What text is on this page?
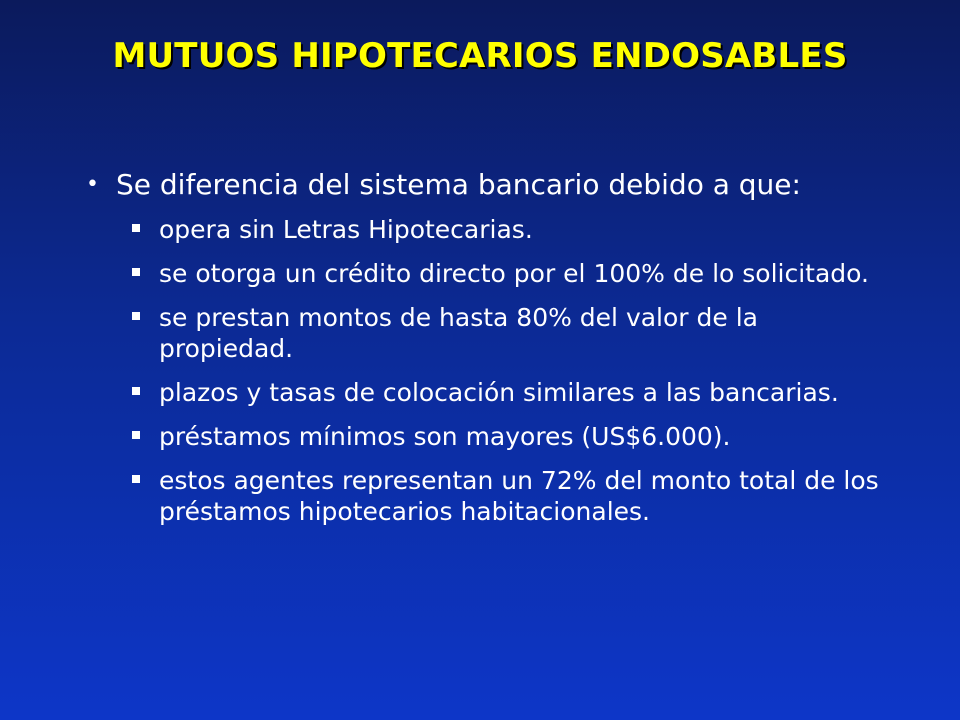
MUTUOS HIPOTECARIOS ENDOSABLES
• Se diferencia del sistema bancario debido a que:
opera sin Letras Hipotecarias.
se otorga un crédito directo por el 100% de lo solicitado.
se prestan montos de hasta 80% del valor de la propiedad.
plazos y tasas de colocación similares a las bancarias.
préstamos mínimos son mayores (US$6.000).
estos agentes representan un 72% del monto total de los préstamos hipotecarios habitacionales.
